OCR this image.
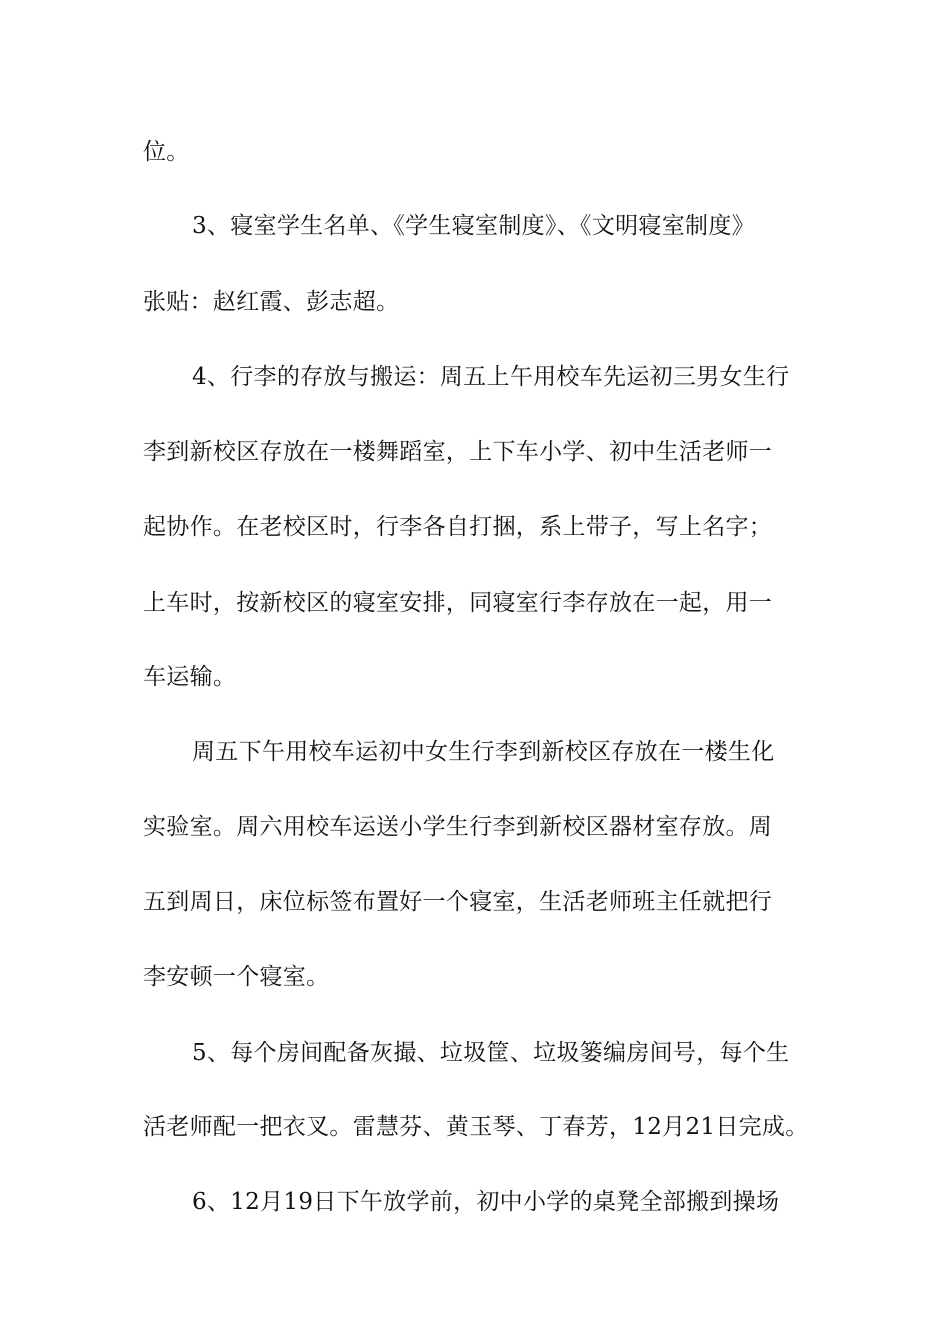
位。
3、寝室学生名单、《学生寝室制度》、《文明寝室制度》
张贴：赵红霞、彭志超。
4、行李的存放与搬运：周五上午用校车先运初三男女生行
李到新校区存放在一楼舞蹈室，上下车小学、初中生活老师一
起协作。在老校区时，行李各自打捆，系上带子，写上名字；
上车时，按新校区的寝室安排，同寝室行李存放在一起，用一
车运输。
周五下午用校车运初中女生行李到新校区存放在一楼生化
实验室。周六用校车运送小学生行李到新校区器材室存放。周
五到周日，床位标签布置好一个寝室，生活老师班主任就把行
李安顿一个寝室。
5、每个房间配备灰撮、垃圾筐、垃圾篓编房间号，每个生
活老师配一把衣叉。雷慧芬、黄玉琴、丁春芳，12月21日完成。
6、12月19日下午放学前，初中小学的桌凳全部搬到操场
